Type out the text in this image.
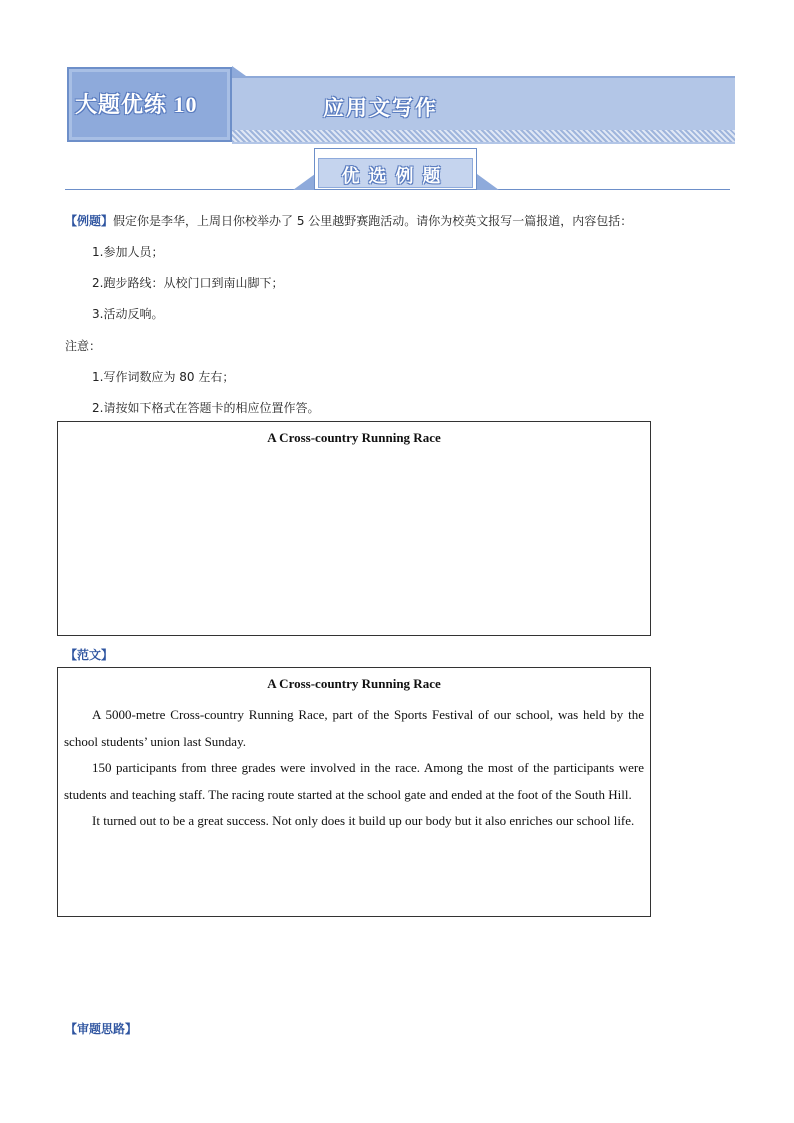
大题优练 10	应用文写作
优选例题
【例题】假定你是李华，上周日你校举办了 5 公里越野赛跑活动。请你为校英文报写一篇报道，内容包括：
1.参加人员；
2.跑步路线：从校门口到南山脚下；
3.活动反响。
注意：
1.写作词数应为 80 左右；
2.请按如下格式在答题卡的相应位置作答。
A Cross-country Running Race
【范文】
A Cross-country Running Race

A 5000-metre Cross-country Running Race, part of the Sports Festival of our school, was held by the school students’ union last Sunday.

150 participants from three grades were involved in the race. Among the most of the participants were students and teaching staff. The racing route started at the school gate and ended at the foot of the South Hill.

It turned out to be a great success. Not only does it build up our body but it also enriches our school life.

【审题思路】
